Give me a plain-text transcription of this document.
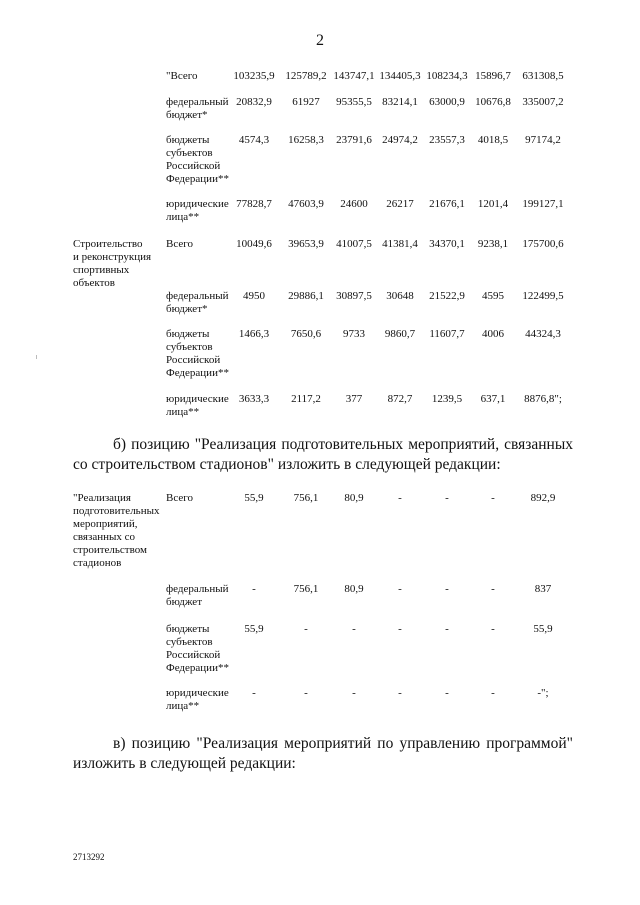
2
"Всего	103235,9 125789,2 143747,1 134405,3 108234,3 15896,7	631308,5
федеральный
бюджет*
20832,9	61927	95355,5 83214,1	63000,9 10676,8	335007,2
бюджеты
субъектов
Российской
Федерации**
4574,3	16258,3	23791,6 24974,2	23557,3	4018,5	97174,2
юридические
лица**
77828,7	47603,9	24600	26217	21676,1	1201,4	199127,1
Строительство
и реконструкция
спортивных
объектов
Всего	10049,6	39653,9	41007,5 41381,4	34370,1	9238,1	175700,6
федеральный
бюджет*
4950	29886,1	30897,5	30648	21522,9	4595	122499,5
бюджеты
субъектов
Российской
Федерации**
1466,3	7650,6	9733	9860,7	11607,7	4006	44324,3
юридические
лица**
3633,3	2117,2	377	872,7	1239,5	637,1	8876,8";
б) позицию "Реализация подготовительных мероприятий, связанных со строительством стадионов" изложить в следующей редакции:
"Реализация
подготовительных
мероприятий,
связанных со
строительством
стадионов
Всего	55,9	756,1	80,9	-	-	-	892,9
федеральный
бюджет
-	756,1	80,9	-	-	-	837
бюджеты
субъектов
Российской
Федерации**
55,9	-	-	-	-	-	55,9
юридические
лица**
-	-	-	-	-	-	-";
в) позицию "Реализация мероприятий по управлению программой" изложить в следующей редакции:
2713292
